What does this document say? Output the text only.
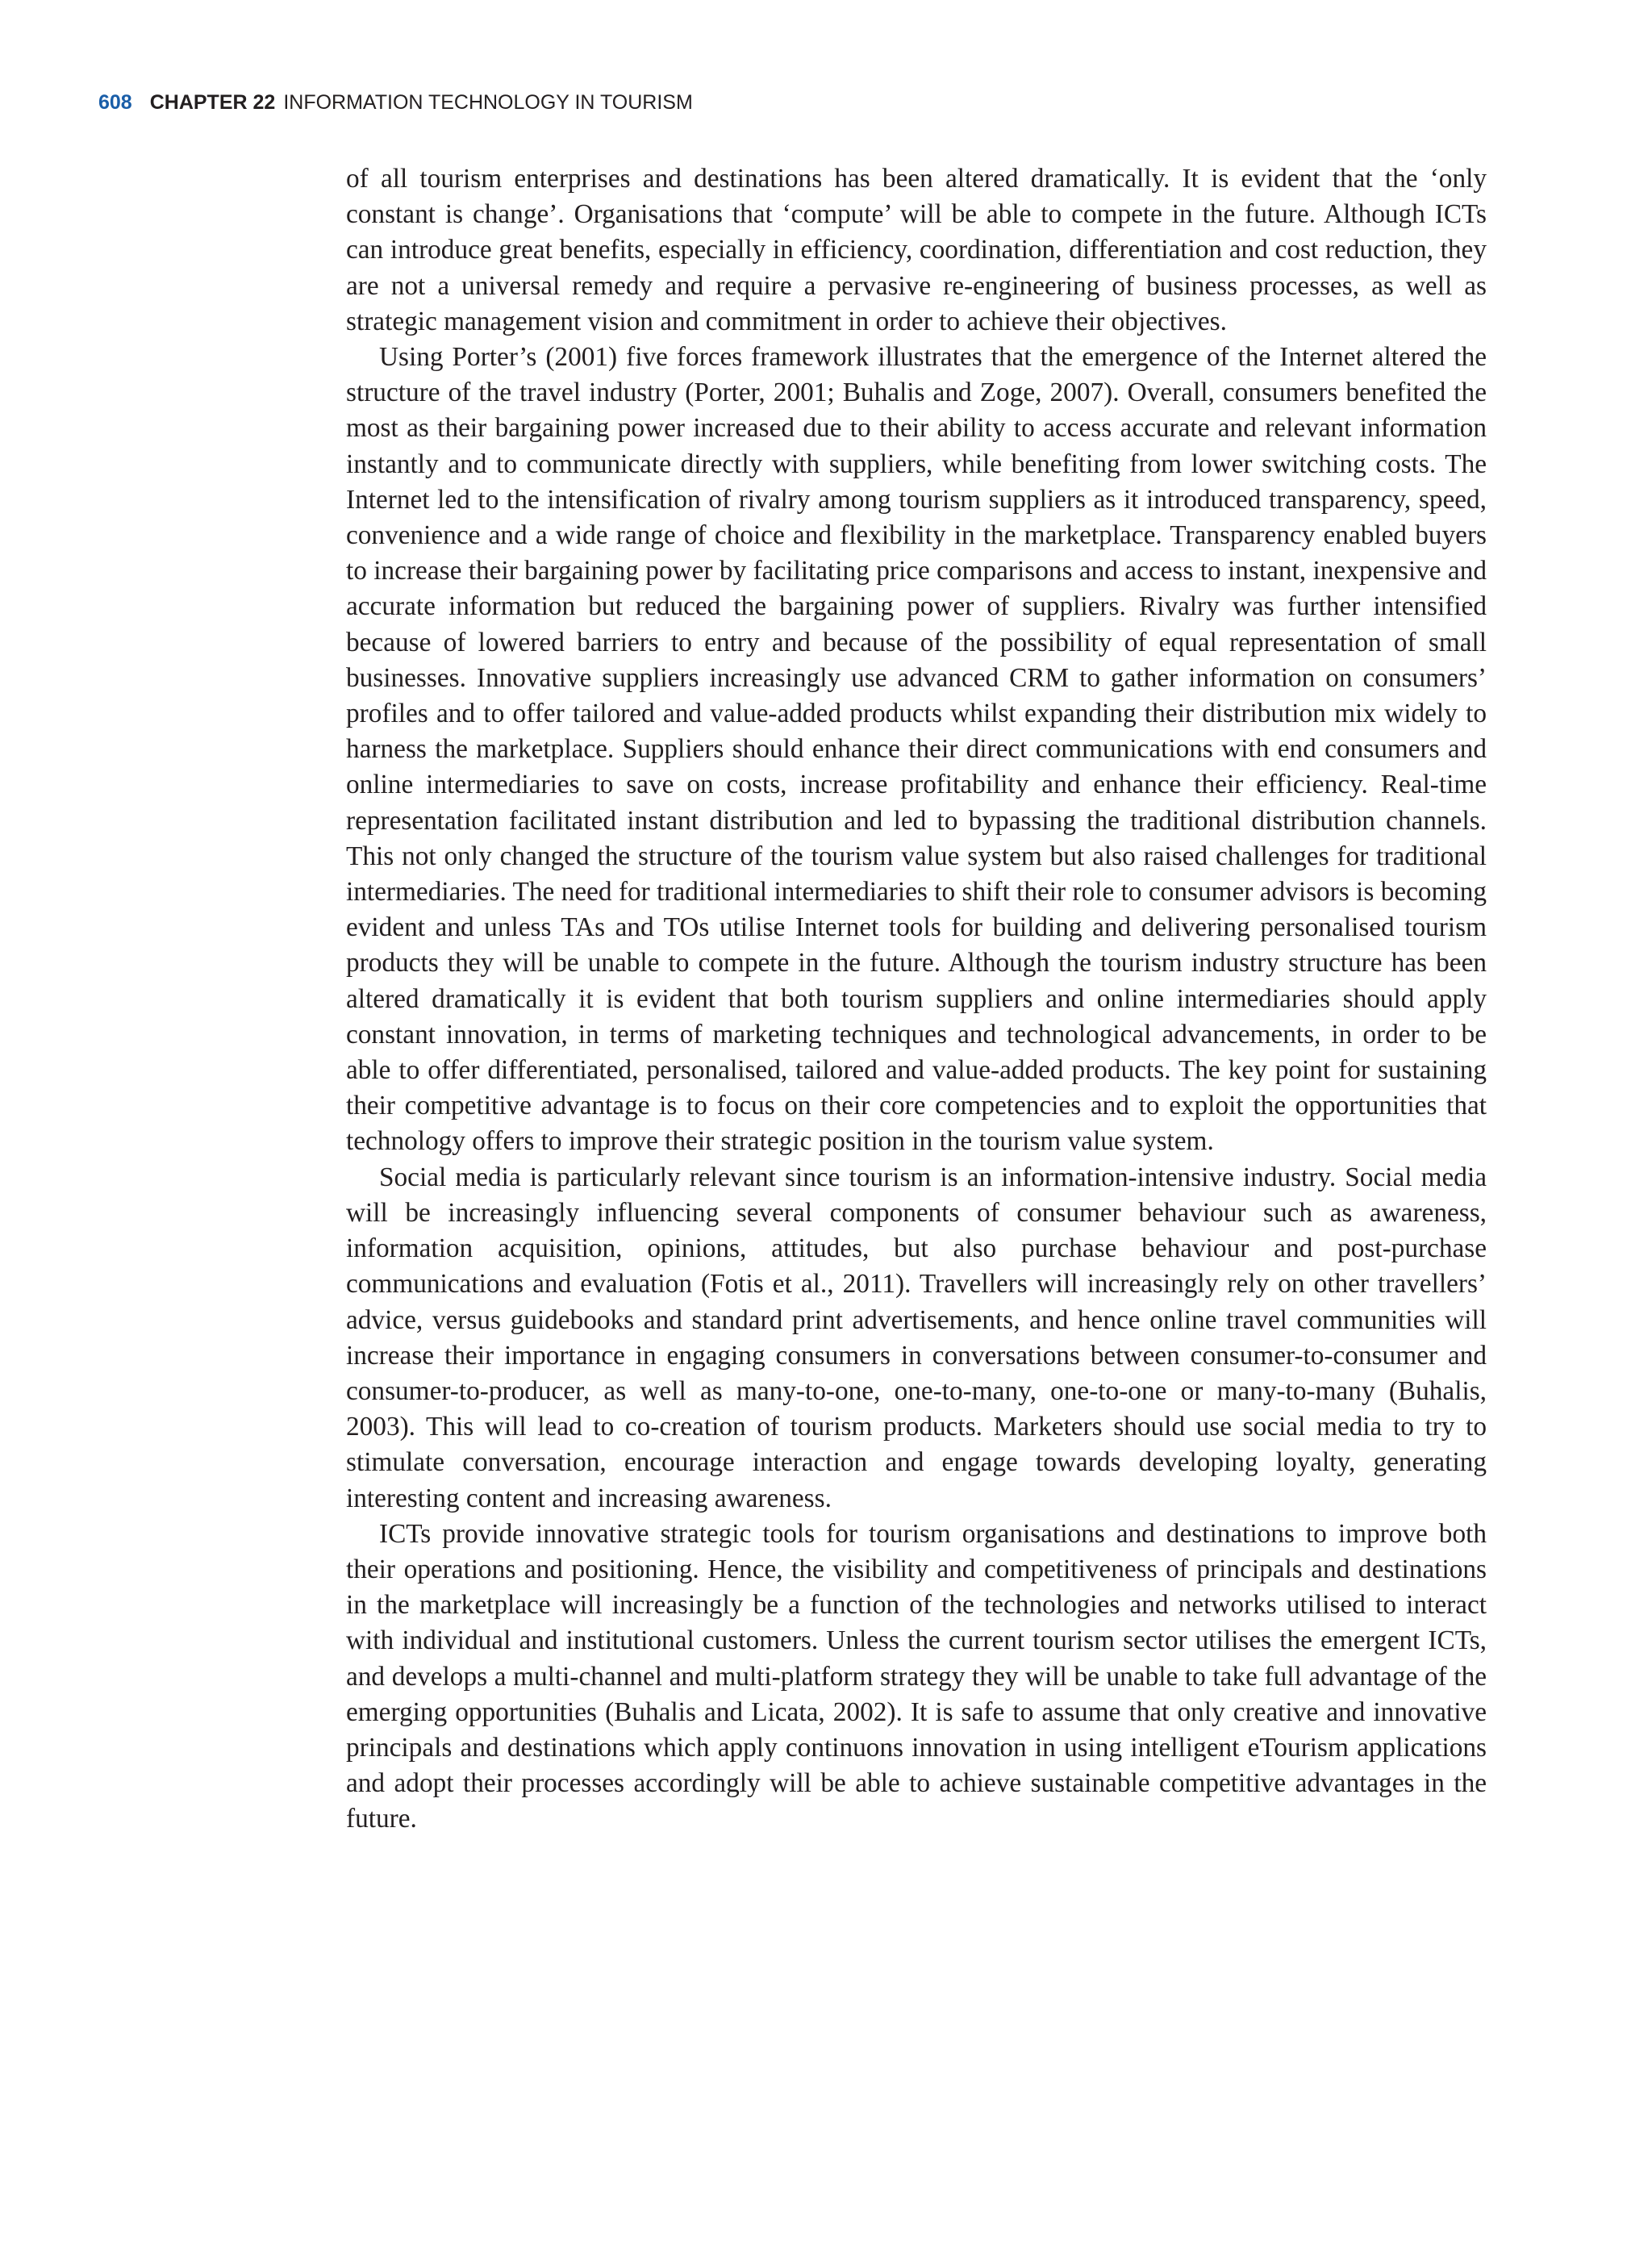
608 CHAPTER 22 INFORMATION TECHNOLOGY IN TOURISM

of all tourism enterprises and destinations has been altered dramatically. It is evident that the ‘only constant is change’. Organisations that ‘compute’ will be able to compete in the future. Although ICTs can introduce great benefits, especially in efficiency, coordination, differentiation and cost reduction, they are not a universal remedy and require a pervasive re-engineering of business processes, as well as strategic management vision and commitment in order to achieve their objectives.

Using Porter’s (2001) five forces framework illustrates that the emergence of the Internet altered the structure of the travel industry (Porter, 2001; Buhalis and Zoge, 2007). Overall, consumers benefited the most as their bargaining power increased due to their ability to access accurate and relevant information instantly and to communicate directly with suppliers, while benefiting from lower switching costs. The Internet led to the intensification of rivalry among tourism suppliers as it introduced transparency, speed, convenience and a wide range of choice and flexibility in the marketplace. Transparency enabled buyers to increase their bargaining power by facilitating price comparisons and access to instant, inexpensive and accurate information but reduced the bargaining power of suppliers. Rivalry was further intensified because of lowered barriers to entry and because of the possibility of equal representation of small businesses. Innovative suppliers increasingly use advanced CRM to gather information on consumers’ profiles and to offer tailored and value-added products whilst expanding their distribution mix widely to harness the marketplace. Suppliers should enhance their direct communications with end consumers and online intermediaries to save on costs, increase profitability and enhance their efficiency. Real-time representation facilitated instant distribution and led to bypassing the traditional distribution channels. This not only changed the structure of the tourism value system but also raised challenges for traditional intermediaries. The need for traditional intermediaries to shift their role to consumer advisors is becoming evident and unless TAs and TOs utilise Internet tools for building and delivering personalised tourism products they will be unable to compete in the future. Although the tourism industry structure has been altered dramatically it is evident that both tourism suppliers and online intermediaries should apply constant innovation, in terms of marketing techniques and technological advancements, in order to be able to offer differentiated, personalised, tailored and value-added products. The key point for sustaining their competitive advantage is to focus on their core competencies and to exploit the opportunities that technology offers to improve their strategic position in the tourism value system.

Social media is particularly relevant since tourism is an information-intensive industry. Social media will be increasingly influencing several components of consumer behaviour such as awareness, information acquisition, opinions, attitudes, but also purchase behaviour and post-purchase communications and evaluation (Fotis et al., 2011). Travellers will increasingly rely on other travellers’ advice, versus guidebooks and standard print advertisements, and hence online travel communities will increase their importance in engaging consumers in conversations between consumer-to-consumer and consumer-to-producer, as well as many-to-one, one-to-many, one-to-one or many-to-many (Buhalis, 2003). This will lead to co-creation of tourism products. Marketers should use social media to try to stimulate conversation, encourage interaction and engage towards developing loyalty, generating interesting content and increasing awareness.

ICTs provide innovative strategic tools for tourism organisations and destinations to improve both their operations and positioning. Hence, the visibility and competitiveness of principals and destinations in the marketplace will increasingly be a function of the technologies and networks utilised to interact with individual and institutional customers. Unless the current tourism sector utilises the emergent ICTs, and develops a multi-channel and multi-platform strategy they will be unable to take full advantage of the emerging opportunities (Buhalis and Licata, 2002). It is safe to assume that only creative and innovative principals and destinations which apply continuons innovation in using intelligent eTourism applications and adopt their processes accordingly will be able to achieve sustainable competitive advantages in the future.
